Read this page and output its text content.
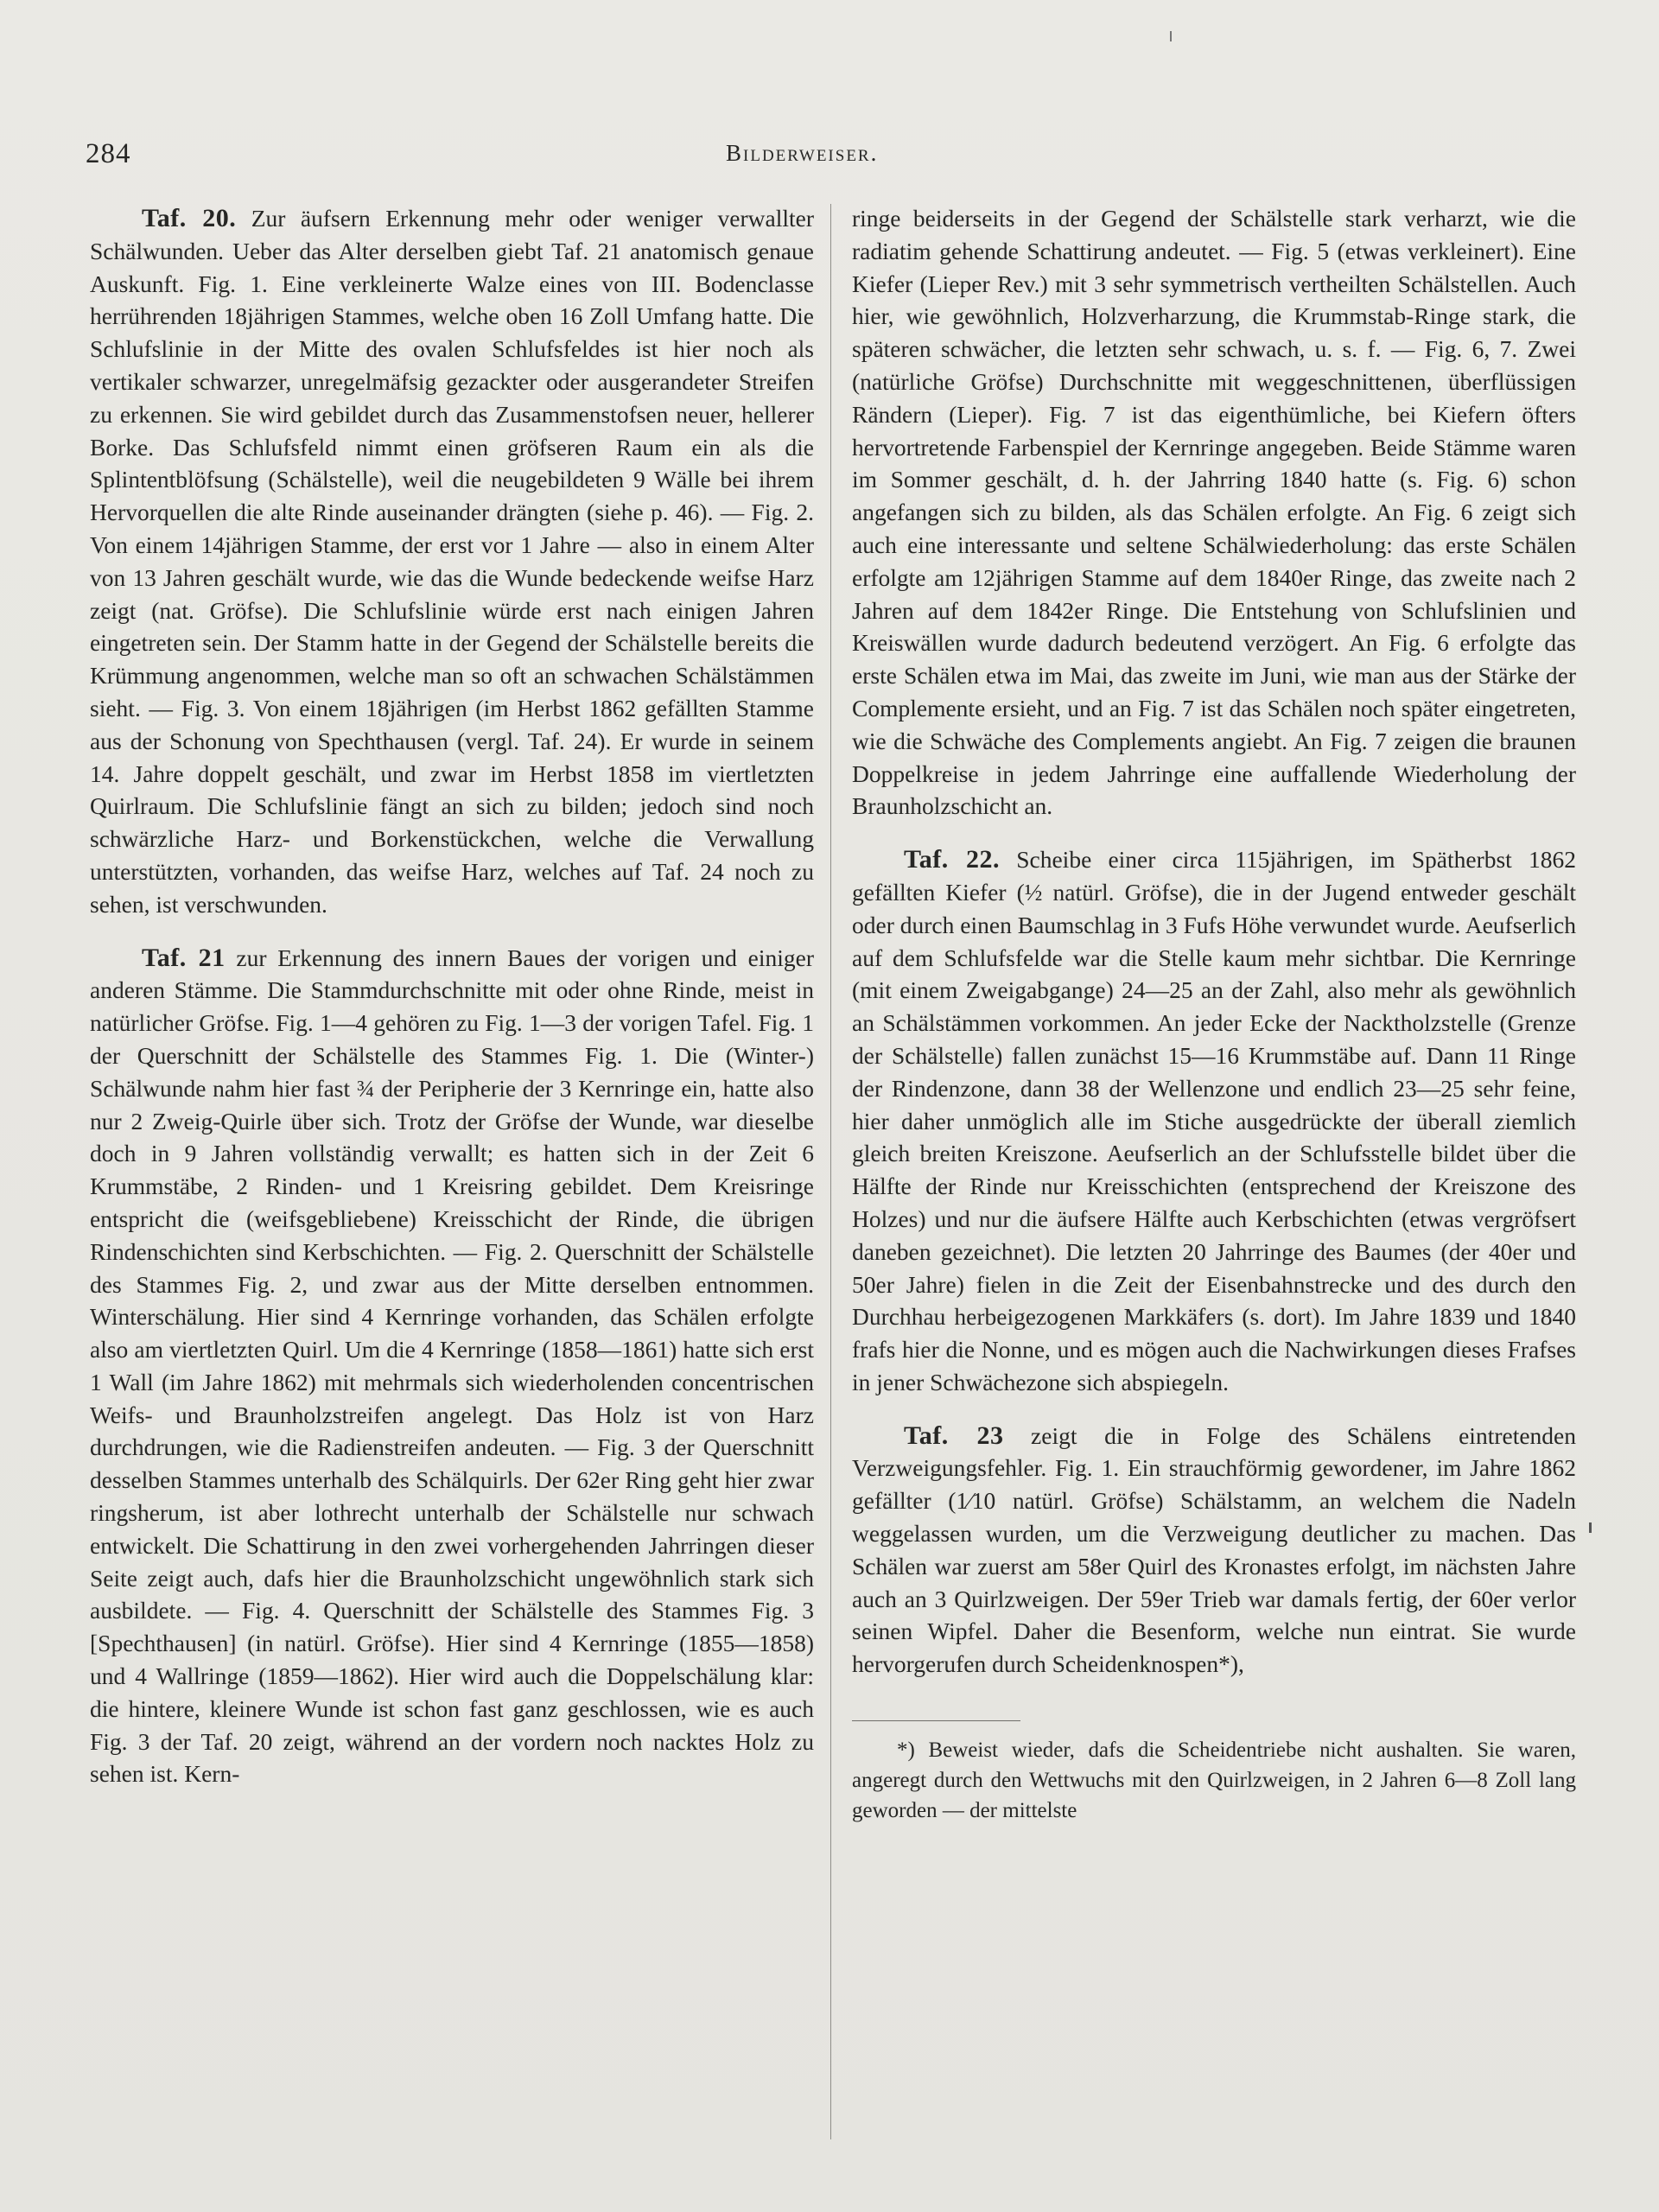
284	Bilderweiser.

Taf. 20. Zur äufsern Erkennung mehr oder weniger verwallter Schälwunden. Ueber das Alter derselben giebt Taf. 21 anatomisch genaue Auskunft. Fig. 1. Eine verkleinerte Walze eines von III. Bodenclasse herrührenden 18jährigen Stammes, welche oben 16 Zoll Umfang hatte. Die Schlufslinie in der Mitte des ovalen Schlufsfeldes ist hier noch als vertikaler schwarzer, unregelmäfsig gezackter oder ausgerandeter Streifen zu erkennen. Sie wird gebildet durch das Zusammenstofsen neuer, hellerer Borke. Das Schlufsfeld nimmt einen gröfseren Raum ein als die Splintentblöfsung (Schälstelle), weil die neugebildeten 9 Wälle bei ihrem Hervorquellen die alte Rinde auseinander drängten (siehe p. 46). — Fig. 2. Von einem 14jährigen Stamme, der erst vor 1 Jahre — also in einem Alter von 13 Jahren geschält wurde, wie das die Wunde bedeckende weifse Harz zeigt (nat. Gröfse). Die Schlufslinie würde erst nach einigen Jahren eingetreten sein. Der Stamm hatte in der Gegend der Schälstelle bereits die Krümmung angenommen, welche man so oft an schwachen Schälstämmen sieht. — Fig. 3. Von einem 18jährigen (im Herbst 1862 gefällten Stamme aus der Schonung von Spechthausen (vergl. Taf. 24). Er wurde in seinem 14. Jahre doppelt geschält, und zwar im Herbst 1858 im viertletzten Quirlraum. Die Schlufslinie fängt an sich zu bilden; jedoch sind noch schwärzliche Harz- und Borkenstückchen, welche die Verwallung unterstützten, vorhanden, das weifse Harz, welches auf Taf. 24 noch zu sehen, ist verschwunden.

Taf. 21 zur Erkennung des innern Baues der vorigen und einiger anderen Stämme. Die Stammdurchschnitte mit oder ohne Rinde, meist in natürlicher Gröfse. Fig. 1—4 gehören zu Fig. 1—3 der vorigen Tafel. Fig. 1 der Querschnitt der Schälstelle des Stammes Fig. 1. Die (Winter-) Schälwunde nahm hier fast ¾ der Peripherie der 3 Kernringe ein, hatte also nur 2 Zweig-Quirle über sich. Trotz der Gröfse der Wunde, war dieselbe doch in 9 Jahren vollständig verwallt; es hatten sich in der Zeit 6 Krummstäbe, 2 Rinden- und 1 Kreisring gebildet. Dem Kreisringe entspricht die (weifsgebliebene) Kreisschicht der Rinde, die übrigen Rindenschichten sind Kerbschichten. — Fig. 2. Querschnitt der Schälstelle des Stammes Fig. 2, und zwar aus der Mitte derselben entnommen. Winterschälung. Hier sind 4 Kernringe vorhanden, das Schälen erfolgte also am viertletzten Quirl. Um die 4 Kernringe (1858—1861) hatte sich erst 1 Wall (im Jahre 1862) mit mehrmals sich wiederholenden concentrischen Weifs- und Braunholzstreifen angelegt. Das Holz ist von Harz durchdrungen, wie die Radienstreifen andeuten. — Fig. 3 der Querschnitt desselben Stammes unterhalb des Schälquirls. Der 62er Ring geht hier zwar ringsherum, ist aber lothrecht unterhalb der Schälstelle nur schwach entwickelt. Die Schattirung in den zwei vorhergehenden Jahrringen dieser Seite zeigt auch, dafs hier die Braunholzschicht ungewöhnlich stark sich ausbildete. — Fig. 4. Querschnitt der Schälstelle des Stammes Fig. 3 [Spechthausen] (in natürl. Gröfse). Hier sind 4 Kernringe (1855—1858) und 4 Wallringe (1859—1862). Hier wird auch die Doppelschälung klar: die hintere, kleinere Wunde ist schon fast ganz geschlossen, wie es auch Fig. 3 der Taf. 20 zeigt, während an der vordern noch nacktes Holz zu sehen ist. Kern-

ringe beiderseits in der Gegend der Schälstelle stark verharzt, wie die radiatim gehende Schattirung andeutet. — Fig. 5 (etwas verkleinert). Eine Kiefer (Lieper Rev.) mit 3 sehr symmetrisch vertheilten Schälstellen. Auch hier, wie gewöhnlich, Holzverharzung, die Krummstab-Ringe stark, die späteren schwächer, die letzten sehr schwach, u. s. f. — Fig. 6, 7. Zwei (natürliche Gröfse) Durchschnitte mit weggeschnittenen, überflüssigen Rändern (Lieper). Fig. 7 ist das eigenthümliche, bei Kiefern öfters hervortretende Farbenspiel der Kernringe angegeben. Beide Stämme waren im Sommer geschält, d. h. der Jahrring 1840 hatte (s. Fig. 6) schon angefangen sich zu bilden, als das Schälen erfolgte. An Fig. 6 zeigt sich auch eine interessante und seltene Schälwiederholung: das erste Schälen erfolgte am 12jährigen Stamme auf dem 1840er Ringe, das zweite nach 2 Jahren auf dem 1842er Ringe. Die Entstehung von Schlufslinien und Kreiswällen wurde dadurch bedeutend verzögert. An Fig. 6 erfolgte das erste Schälen etwa im Mai, das zweite im Juni, wie man aus der Stärke der Complemente ersieht, und an Fig. 7 ist das Schälen noch später eingetreten, wie die Schwäche des Complements angiebt. An Fig. 7 zeigen die braunen Doppelkreise in jedem Jahrringe eine auffallende Wiederholung der Braunholzschicht an.

Taf. 22. Scheibe einer circa 115jährigen, im Spätherbst 1862 gefällten Kiefer (½ natürl. Gröfse), die in der Jugend entweder geschält oder durch einen Baumschlag in 3 Fufs Höhe verwundet wurde. Aeufserlich auf dem Schlufsfelde war die Stelle kaum mehr sichtbar. Die Kernringe (mit einem Zweigabgange) 24—25 an der Zahl, also mehr als gewöhnlich an Schälstämmen vorkommen. An jeder Ecke der Nacktholzstelle (Grenze der Schälstelle) fallen zunächst 15—16 Krummstäbe auf. Dann 11 Ringe der Rindenzone, dann 38 der Wellenzone und endlich 23—25 sehr feine, hier daher unmöglich alle im Stiche ausgedrückte der überall ziemlich gleich breiten Kreiszone. Aeufserlich an der Schlufsstelle bildet über die Hälfte der Rinde nur Kreisschichten (entsprechend der Kreiszone des Holzes) und nur die äufsere Hälfte auch Kerbschichten (etwas vergröfsert daneben gezeichnet). Die letzten 20 Jahrringe des Baumes (der 40er und 50er Jahre) fielen in die Zeit der Eisenbahnstrecke und des durch den Durchhau herbeigezogenen Markkäfers (s. dort). Im Jahre 1839 und 1840 frafs hier die Nonne, und es mögen auch die Nachwirkungen dieses Frafses in jener Schwächezone sich abspiegeln.

Taf. 23 zeigt die in Folge des Schälens eintretenden Verzweigungsfehler. Fig. 1. Ein strauchförmig gewordener, im Jahre 1862 gefällter (1⁄10 natürl. Gröfse) Schälstamm, an welchem die Nadeln weggelassen wurden, um die Verzweigung deutlicher zu machen. Das Schälen war zuerst am 58er Quirl des Kronastes erfolgt, im nächsten Jahre auch an 3 Quirlzweigen. Der 59er Trieb war damals fertig, der 60er verlor seinen Wipfel. Daher die Besenform, welche nun eintrat. Sie wurde hervorgerufen durch Scheidenknospen*),

*) Beweist wieder, dafs die Scheidentriebe nicht aushalten. Sie waren, angeregt durch den Wettwuchs mit den Quirlzweigen, in 2 Jahren 6—8 Zoll lang geworden — der mittelste
